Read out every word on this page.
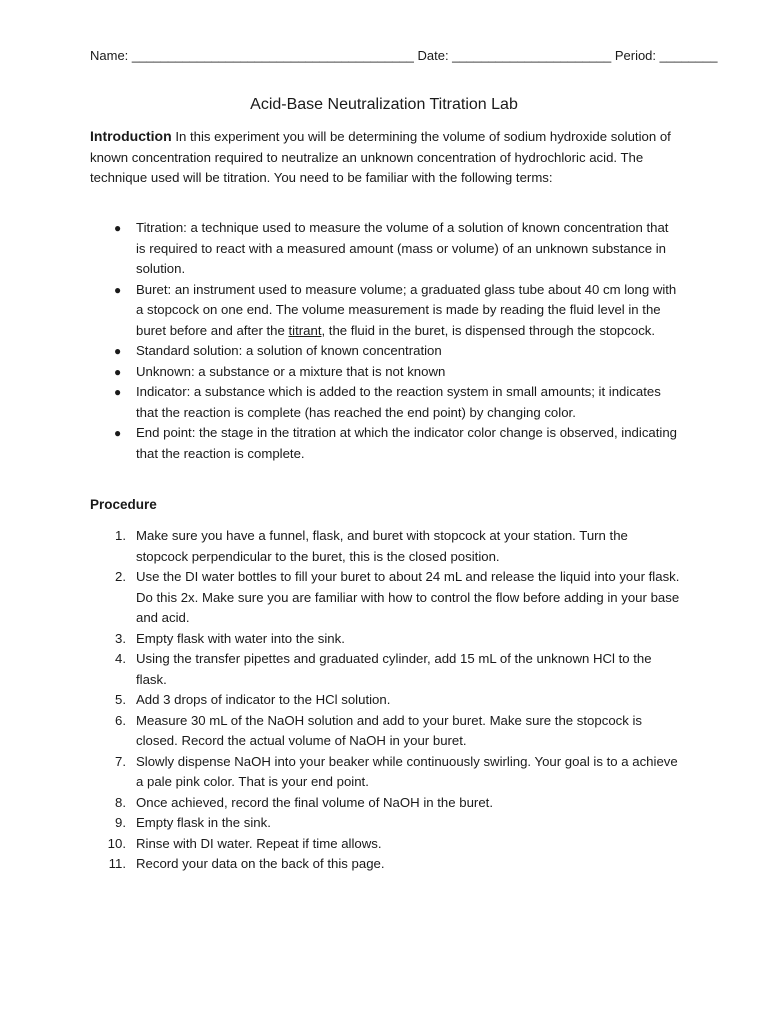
Name: _______________________________________ Date: ______________________ Period: ________
Acid-Base Neutralization Titration Lab
Introduction In this experiment you will be determining the volume of sodium hydroxide solution of known concentration required to neutralize an unknown concentration of hydrochloric acid. The technique used will be titration. You need to be familiar with the following terms:
● Titration: a technique used to measure the volume of a solution of known concentration that is required to react with a measured amount (mass or volume) of an unknown substance in solution.
● Buret: an instrument used to measure volume; a graduated glass tube about 40 cm long with a stopcock on one end. The volume measurement is made by reading the fluid level in the buret before and after the titrant, the fluid in the buret, is dispensed through the stopcock.
● Standard solution: a solution of known concentration
● Unknown: a substance or a mixture that is not known
● Indicator: a substance which is added to the reaction system in small amounts; it indicates that the reaction is complete (has reached the end point) by changing color.
● End point: the stage in the titration at which the indicator color change is observed, indicating that the reaction is complete.
Procedure
1. Make sure you have a funnel, flask, and buret with stopcock at your station. Turn the stopcock perpendicular to the buret, this is the closed position.
2. Use the DI water bottles to fill your buret to about 24 mL and release the liquid into your flask. Do this 2x. Make sure you are familiar with how to control the flow before adding in your base and acid.
3. Empty flask with water into the sink.
4. Using the transfer pipettes and graduated cylinder, add 15 mL of the unknown HCl to the flask.
5. Add 3 drops of indicator to the HCl solution.
6. Measure 30 mL of the NaOH solution and add to your buret. Make sure the stopcock is closed. Record the actual volume of NaOH in your buret.
7. Slowly dispense NaOH into your beaker while continuously swirling. Your goal is to a achieve a pale pink color. That is your end point.
8. Once achieved, record the final volume of NaOH in the buret.
9. Empty flask in the sink.
10. Rinse with DI water. Repeat if time allows.
11. Record your data on the back of this page.
